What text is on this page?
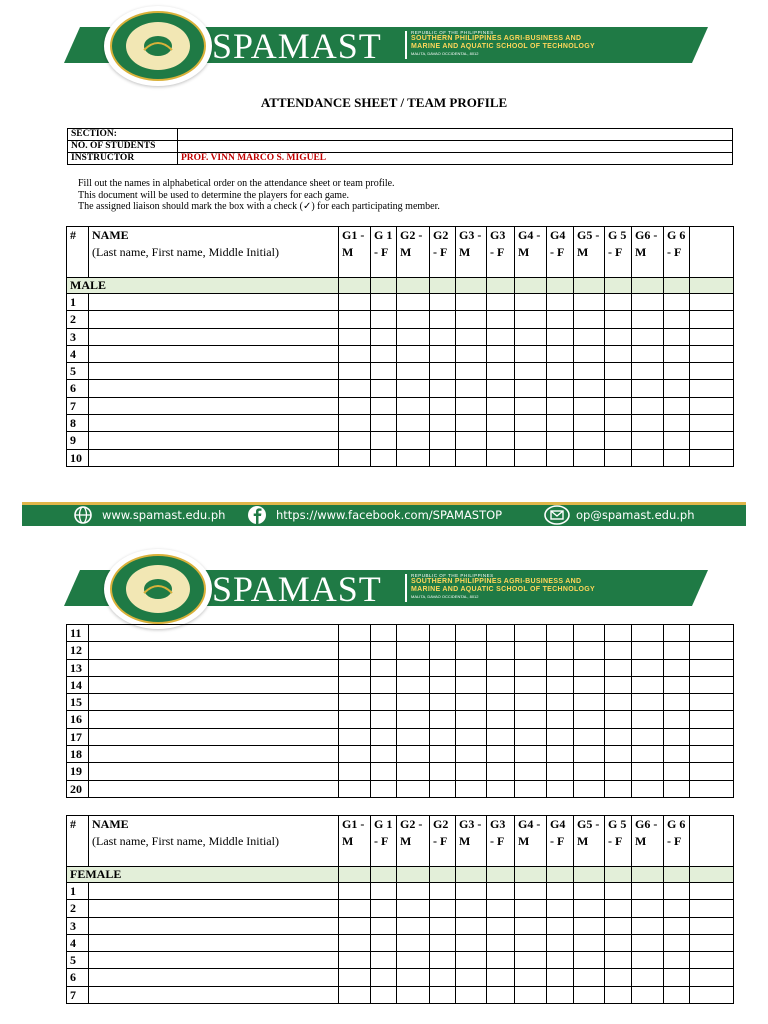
SPAMAST	REPUBLIC OF THE PHILIPPINES
SOUTHERN PHILIPPINES AGRI-BUSINESS AND
MARINE AND AQUATIC SCHOOL OF TECHNOLOGY
MALITA, DAVAO OCCIDENTAL, 8012
ATTENDANCE SHEET / TEAM PROFILE
SECTION:	
NO. OF STUDENTS	
INSTRUCTOR	PROF. VINN MARCO S. MIGUEL
Fill out the names in alphabetical order on the attendance sheet or team profile.
This document will be used to determine the players for each game.
The assigned liaison should mark the box with a check (✓) for each participating member.
#	NAME
(Last name, First name, Middle Initial)	G1 - M	G 1 - F	G2 - M	G2 - F	G3 - M	G3 - F	G4 - M	G4 - F	G5 - M	G 5 - F	G6 - M	G 6 - F	
MALE														
1														
2														
3														
4														
5														
6														
7														
8														
9														
10														
www.spamast.edu.ph	https://www.facebook.com/SPAMASTOP	op@spamast.edu.ph
SPAMAST	REPUBLIC OF THE PHILIPPINES
SOUTHERN PHILIPPINES AGRI-BUSINESS AND
MARINE AND AQUATIC SCHOOL OF TECHNOLOGY
MALITA, DAVAO OCCIDENTAL, 8012
11														
12														
13														
14														
15														
16														
17														
18														
19														
20														
#	NAME
(Last name, First name, Middle Initial)	G1 - M	G 1 - F	G2 - M	G2 - F	G3 - M	G3 - F	G4 - M	G4 - F	G5 - M	G 5 - F	G6 - M	G 6 - F	
FEMALE														
1														
2														
3														
4														
5														
6														
7														
